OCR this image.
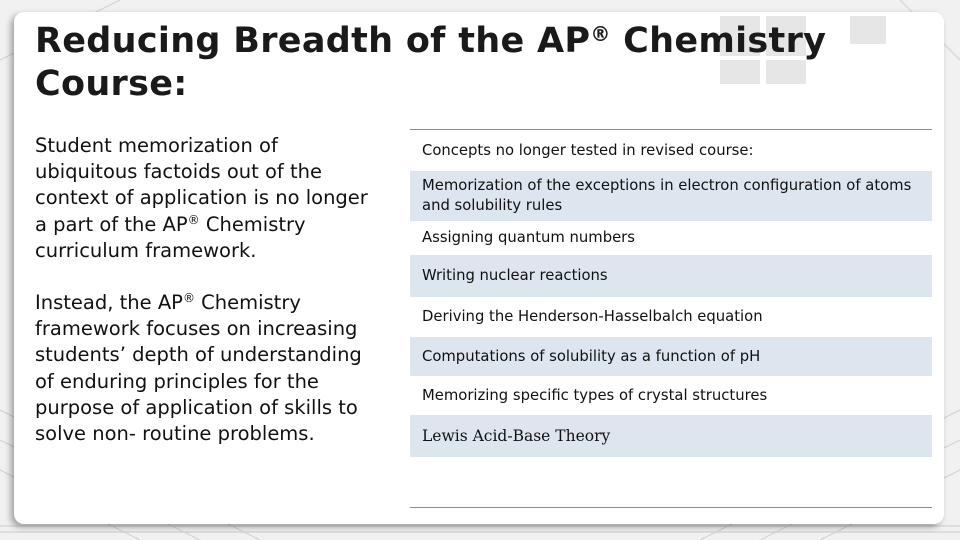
Reducing Breadth of the AP® Chemistry Course:

Student memorization of ubiquitous factoids out of the context of application is no longer a part of the AP® Chemistry curriculum framework.

Instead, the AP® Chemistry framework focuses on increasing students’ depth of understanding of enduring principles for the purpose of application of skills to solve non- routine problems.

Concepts no longer tested in revised course:
Memorization of the exceptions in electron configuration of atoms and solubility rules
Assigning quantum numbers
Writing nuclear reactions
Deriving the Henderson-Hasselbalch equation
Computations of solubility as a function of pH
Memorizing specific types of crystal structures
Lewis Acid-Base Theory
